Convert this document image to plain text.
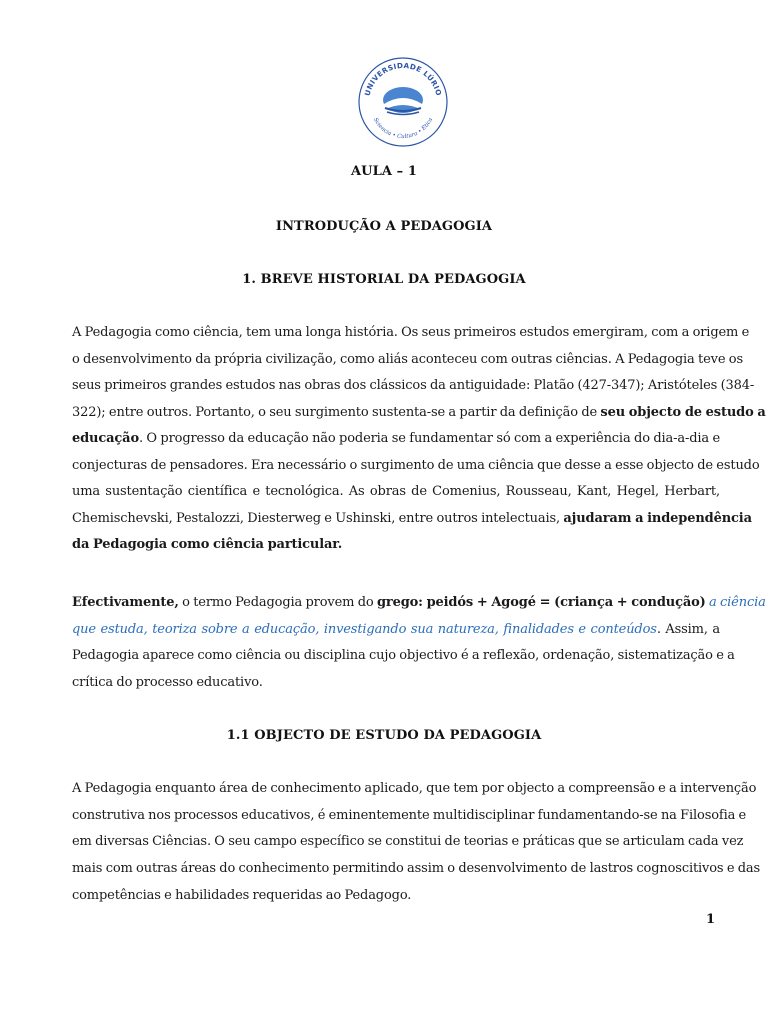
UNIVERSIDADE LÚRIO
Sciencia • Cultura • Etica
AULA – 1
INTRODUÇÃO A PEDAGOGIA
1. BREVE HISTORIAL DA PEDAGOGIA
A Pedagogia como ciência, tem uma longa história. Os seus primeiros estudos emergiram, com a origem e
o desenvolvimento da própria civilização, como aliás aconteceu com outras ciências. A Pedagogia teve os
seus primeiros grandes estudos nas obras dos clássicos da antiguidade: Platão (427-347); Aristóteles (384-
322); entre outros. Portanto, o seu surgimento sustenta-se a partir da definição de seu objecto de estudo a
educação. O progresso da educação não poderia se fundamentar só com a experiência do dia-a-dia e
conjecturas de pensadores. Era necessário o surgimento de uma ciência que desse a esse objecto de estudo
uma sustentação científica e tecnológica. As obras de Comenius, Rousseau, Kant, Hegel, Herbart,
Chemischevski, Pestalozzi, Diesterweg e Ushinski, entre outros intelectuais, ajudaram a independência
da Pedagogia como ciência particular.
Efectivamente, o termo Pedagogia provem do grego: peidós + Agogé = (criança + condução) a ciência
que estuda, teoriza sobre a educação, investigando sua natureza, finalidades e conteúdos. Assim, a
Pedagogia aparece como ciência ou disciplina cujo objectivo é a reflexão, ordenação, sistematização e a
crítica do processo educativo.
1.1 OBJECTO DE ESTUDO DA PEDAGOGIA
A Pedagogia enquanto área de conhecimento aplicado, que tem por objecto a compreensão e a intervenção
construtiva nos processos educativos, é eminentemente multidisciplinar fundamentando-se na Filosofia e
em diversas Ciências. O seu campo específico se constitui de teorias e práticas que se articulam cada vez
mais com outras áreas do conhecimento permitindo assim o desenvolvimento de lastros cognoscitivos e das
competências e habilidades requeridas ao Pedagogo.
1
